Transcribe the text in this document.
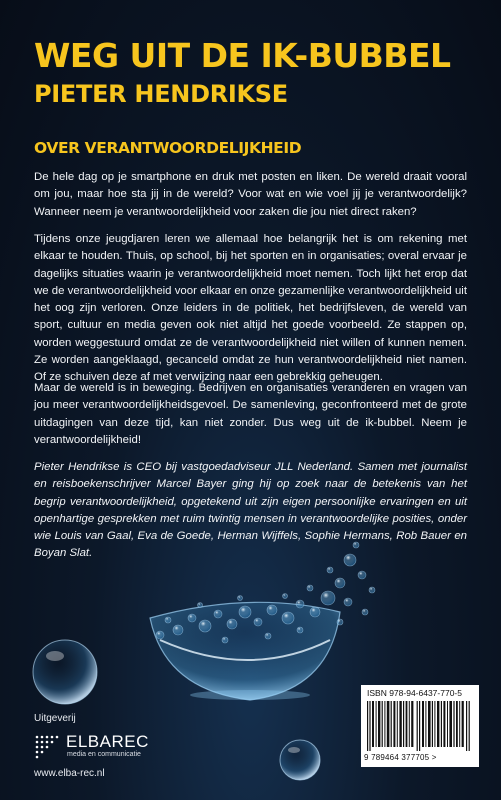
WEG UIT DE IK-BUBBEL
PIETER HENDRIKSE
OVER VERANTWOORDELIJKHEID

De hele dag op je smartphone en druk met posten en liken. De wereld draait vooral om jou, maar hoe sta jij in de wereld? Voor wat en wie voel jij je verantwoordelijk? Wanneer neem je verantwoordelijkheid voor zaken die jou niet direct raken?

Tijdens onze jeugdjaren leren we allemaal hoe belangrijk het is om rekening met elkaar te houden. Thuis, op school, bij het sporten en in organisaties; overal ervaar je dagelijks situaties waarin je verantwoordelijkheid moet nemen. Toch lijkt het erop dat we de verantwoordelijkheid voor elkaar en onze gezamenlijke verantwoordelijkheid uit het oog zijn verloren. Onze leiders in de politiek, het bedrijfsleven, de wereld van sport, cultuur en media geven ook niet altijd het goede voorbeeld. Ze stappen op, worden weggestuurd omdat ze de verantwoordelijkheid niet willen of kunnen nemen. Ze worden aangeklaagd, gecanceld omdat ze hun verantwoordelijkheid niet namen. Of ze schuiven deze af met verwijzing naar een gebrekkig geheugen.

Maar de wereld is in beweging. Bedrijven en organisaties veranderen en vragen van jou meer verantwoordelijkheidsgevoel. De samenleving, geconfronteerd met de grote uitdagingen van deze tijd, kan niet zonder. Dus weg uit de ik-bubbel. Neem je verantwoordelijkheid!

Pieter Hendrikse is CEO bij vastgoedadviseur JLL Nederland. Samen met journalist en reisboekenschrijver Marcel Bayer ging hij op zoek naar de betekenis van het begrip verantwoordelijkheid, opgetekend uit zijn eigen persoonlijke ervaringen en uit openhartige gesprekken met ruim twintig mensen in verantwoordelijke posities, onder wie Louis van Gaal, Eva de Goede, Herman Wijffels, Sophie Hermans, Rob Bauer en Boyan Slat.

ISBN 978-94-6437-770-5
9 789464 377705 >
Uitgeverij
ELBAREC
media en communicatie
www.elba-rec.nl
